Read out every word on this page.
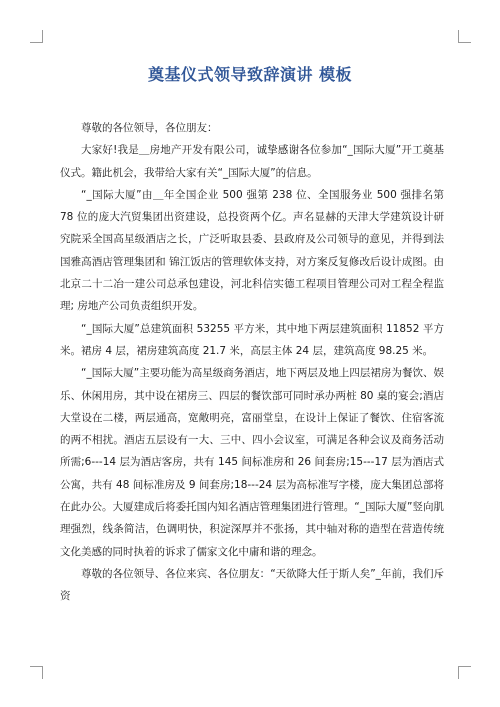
奠基仪式领导致辞演讲 模板

尊敬的各位领导，各位朋友：

大家好!我是＿房地产开发有限公司，诚挚感谢各位参加“_国际大厦”开工奠基仪式。籍此机会，我带给大家有关“_国际大厦”的信息。

“_国际大厦”由＿年全国企业 500 强第 238 位、全国服务业 500 强排名第 78 位的庞大汽贸集团出资建设，总投资两个亿。声名显赫的天津大学建筑设计研究院采全国高星级酒店之长，广泛听取县委、县政府及公司领导的意见，并得到法国雅高酒店管理集团和 锦江饭店的管理软体支持，对方案反复修改后设计成图。由北京二十二冶一建公司总承包建设，河北科信实德工程项目管理公司对工程全程监理; 房地产公司负责组织开发。

“_国际大厦”总建筑面积 53255 平方米，其中地下两层建筑面积 11852 平方米。裙房 4 层，裙房建筑高度 21.7 米，高层主体 24 层，建筑高度 98.25 米。

“_国际大厦”主要功能为高星级商务酒店，地下两层及地上四层裙房为餐饮、娱乐、休闲用房，其中设在裙房三、四层的餐饮部可同时承办两桩 80 桌的宴会;酒店大堂设在二楼，两层通高，宽敞明亮，富丽堂皇，在设计上保证了餐饮、住宿客流的两不相扰。酒店五层设有一大、三中、四小会议室，可满足各种会议及商务活动所需;6---14 层为酒店客房，共有 145 间标准房和 26 间套房;15---17 层为酒店式公寓，共有 48 间标准房及 9 间套房;18---24 层为高标准写字楼，庞大集团总部将在此办公。大厦建成后将委托国内知名酒店管理集团进行管理。“_国际大厦”竖向肌理强烈，线条简洁，色调明快，积淀深厚并不张扬，其中轴对称的造型在营造传统文化美感的同时执着的诉求了儒家文化中庸和谐的理念。

尊敬的各位领导、各位来宾、各位朋友：“天欲降大任于斯人矣”_年前，我们斥资
